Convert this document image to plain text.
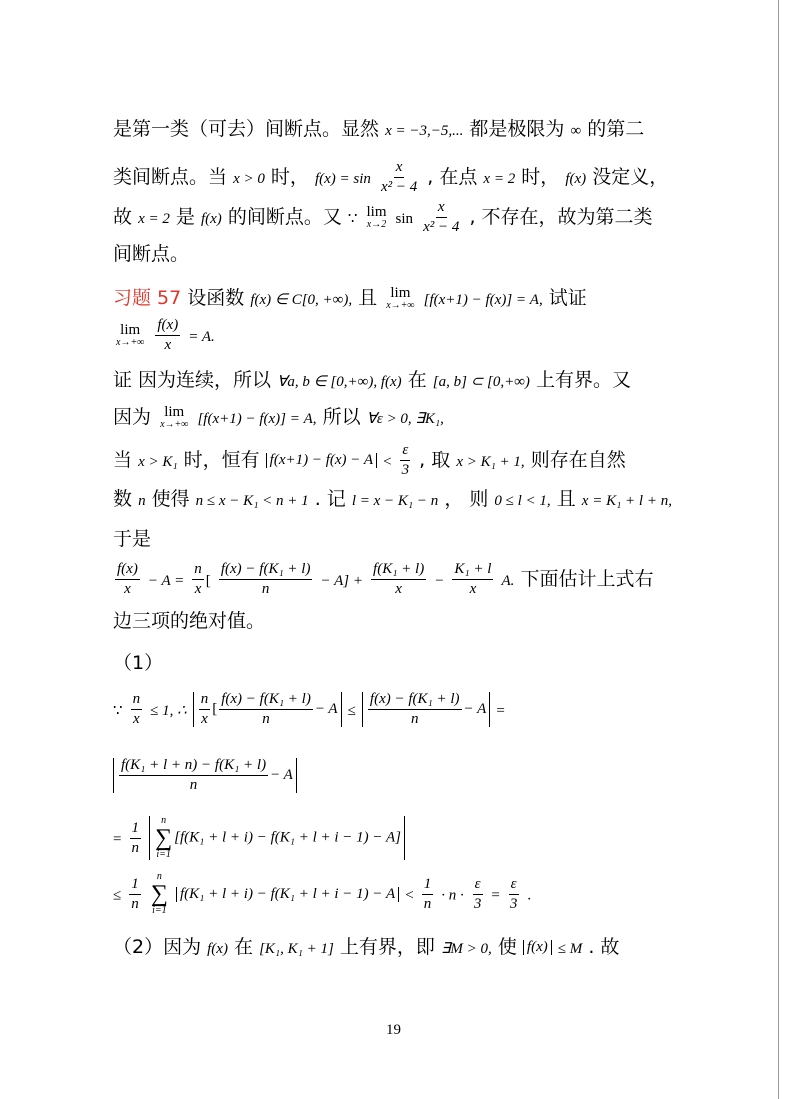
是第一类（可去）间断点。显然 x = −3,−5,... 都是极限为 ∞ 的第二
类间断点。当 x > 0 时， $f(x) = \sin \frac{x}{\text{x² − 4}}$ , 在点 x = 2 时， f(x) 没定义，
故 x = 2 是 f(x) 的间断点。又 ∵ lim
x→2 $\sin \frac{x}{\text{x² − 4}}$ , 不存在，故为第二类
间断点。
习题 57 设函数 f(x) ∈ C[0, +∞), 且 lim
x→+∞ [f(x+1) − f(x)] = A, 试证
lim
x→+∞
$\frac{f(x)}{x} = A$.
证 因为连续，所以 ∀a, b ∈ [0,+∞), f(x) 在 [a, b] ⊂ [0,+∞) 上有界。又
因为 lim
x→+∞ [f(x+1) − f(x)] = A, 所以 ∀ε > 0, ∃K₁,
当 x > K₁ 时，恒有 $f(x+1) - f(x) - A < \frac{\varepsilon}{3}$ , 取 x > K₁ + 1, 则存在自然
数 n 使得 n ≤ x − K₁ < n + 1 . 记 l = x − K₁ − n ， 则 0 ≤ l < 1, 且 x = K₁ + l + n,
于是
$\frac{f(x)}{x} - A = \frac{n}{x}$ [ $\frac{\text{f(x) − f(K₁ + l)}}{n} - A] + \frac{\text{f(K₁ + l)}}{x} - \frac{\text{K₁ + l}}{x} A$. 下面估计上式右
边三项的绝对值。
（1）
∵ $\frac{n}{x} \le 1$, ∴ $\frac{n}{x}$ [ $\frac{\text{f(x) − f(K₁ + l)}}{n} - A \le \frac{\text{f(x) − f(K₁ + l)}}{n} - A$ =
$\frac{\text{f(K₁ + l + n) − f(K₁ + l)}}{n} - A$
= $\frac{1}{n}$
n
∑
i=1
[f(K₁ + l + i) − f(K₁ + l + i − 1) − A]
≤ $\frac{1}{n}$
n
∑
i=1
$f(K_1 + l + i) - f(K_1 + l + i - 1) - A < \frac{1}{n} \cdot n \cdot \frac{\varepsilon}{3} = \frac{\varepsilon}{3}$ .
（2）因为 f(x) 在 [K₁, K₁ + 1] 上有界，即 ∃M > 0, 使 f(x) ≤ M . 故
19
